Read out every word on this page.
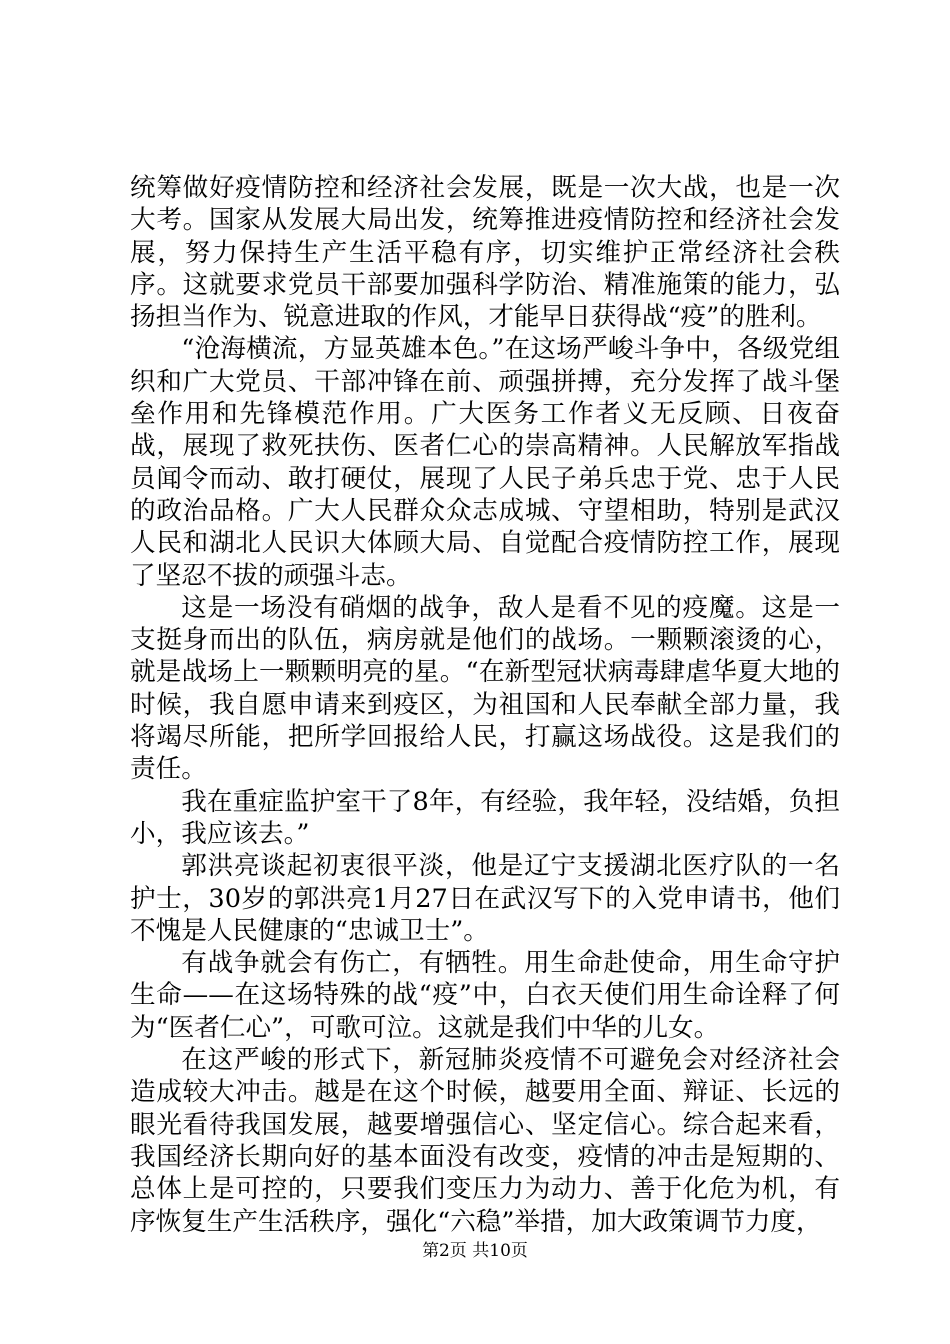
统筹做好疫情防控和经济社会发展，既是一次大战，也是一次大考。国家从发展大局出发，统筹推进疫情防控和经济社会发展，努力保持生产生活平稳有序，切实维护正常经济社会秩序。这就要求党员干部要加强科学防治、精准施策的能力，弘扬担当作为、锐意进取的作风，才能早日获得战“疫”的胜利。

“沧海横流，方显英雄本色。”在这场严峻斗争中，各级党组织和广大党员、干部冲锋在前、顽强拼搏，充分发挥了战斗堡垒作用和先锋模范作用。广大医务工作者义无反顾、日夜奋战，展现了救死扶伤、医者仁心的崇高精神。人民解放军指战员闻令而动、敢打硬仗，展现了人民子弟兵忠于党、忠于人民的政治品格。广大人民群众众志成城、守望相助，特别是武汉人民和湖北人民识大体顾大局、自觉配合疫情防控工作，展现了坚忍不拔的顽强斗志。

这是一场没有硝烟的战争，敌人是看不见的疫魔。这是一支挺身而出的队伍，病房就是他们的战场。一颗颗滚烫的心，就是战场上一颗颗明亮的星。“在新型冠状病毒肆虐华夏大地的时候，我自愿申请来到疫区，为祖国和人民奉献全部力量，我将竭尽所能，把所学回报给人民，打赢这场战役。这是我们的责任。

我在重症监护室干了8年，有经验，我年轻，没结婚，负担小，我应该去。”

郭洪亮谈起初衷很平淡，他是辽宁支援湖北医疗队的一名护士，30岁的郭洪亮1月27日在武汉写下的入党申请书，他们不愧是人民健康的“忠诚卫士”。

有战争就会有伤亡，有牺牲。用生命赴使命，用生命守护生命——在这场特殊的战“疫”中，白衣天使们用生命诠释了何为“医者仁心”，可歌可泣。这就是我们中华的儿女。

在这严峻的形式下，新冠肺炎疫情不可避免会对经济社会造成较大冲击。越是在这个时候，越要用全面、辩证、长远的眼光看待我国发展，越要增强信心、坚定信心。综合起来看，我国经济长期向好的基本面没有改变，疫情的冲击是短期的、总体上是可控的，只要我们变压力为动力、善于化危为机，有序恢复生产生活秩序，强化“六稳”举措，加大政策调节力度，

第2页 共10页
